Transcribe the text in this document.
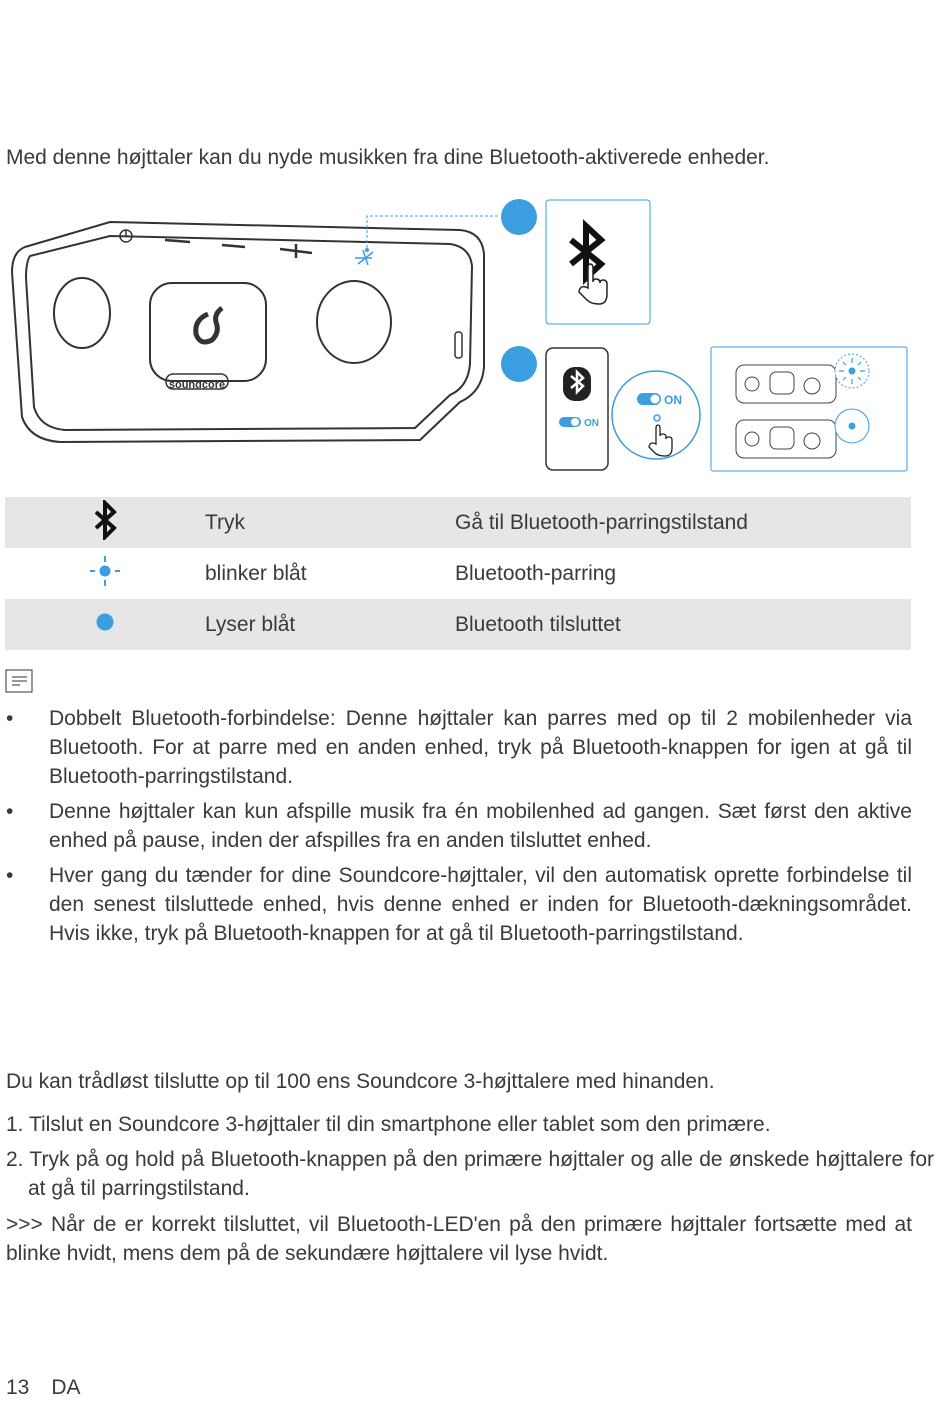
Med denne højttaler kan du nyde musikken fra dine Bluetooth-aktiverede enheder.
soundcore
ON
ON
	Tryk	Gå til Bluetooth-parringstilstand
	blinker blåt	Bluetooth-parring
	Lyser blåt	Bluetooth tilsluttet
• Dobbelt Bluetooth-forbindelse: Denne højttaler kan parres med op til 2 mobilenheder via Bluetooth. For at parre med en anden enhed, tryk på Bluetooth-knappen for igen at gå til Bluetooth-parringstilstand.
• Denne højttaler kan kun afspille musik fra én mobilenhed ad gangen. Sæt først den aktive enhed på pause, inden der afspilles fra en anden tilsluttet enhed.
• Hver gang du tænder for dine Soundcore-højttaler, vil den automatisk oprette forbindelse til den senest tilsluttede enhed, hvis denne enhed er inden for Bluetooth-dækningsområdet. Hvis ikke, tryk på Bluetooth-knappen for at gå til Bluetooth-parringstilstand.
Du kan trådløst tilslutte op til 100 ens Soundcore 3-højttalere med hinanden.
1. Tilslut en Soundcore 3-højttaler til din smartphone eller tablet som den primære.
2. Tryk på og hold på Bluetooth-knappen på den primære højttaler og alle de ønskede højttalere for at gå til parringstilstand.
>>> Når de er korrekt tilsluttet, vil Bluetooth-LED'en på den primære højttaler fortsætte med at blinke hvidt, mens dem på de sekundære højttalere vil lyse hvidt.
13 DA
